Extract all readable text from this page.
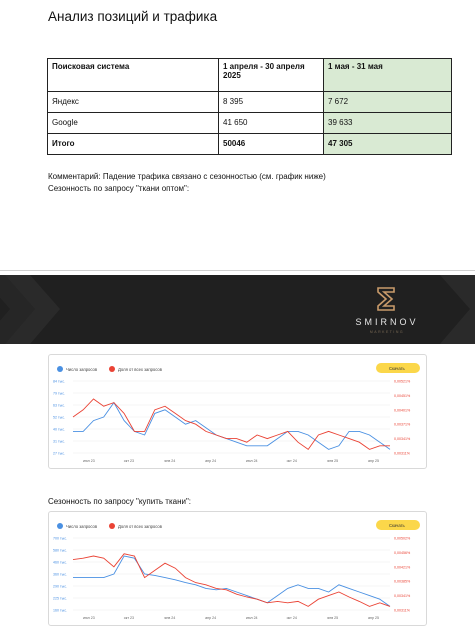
Анализ позиций и трафика
Поисковая система	1 апреля - 30 апреля 2025	1 мая - 31 мая
Яндекс	8 395	7 672
Google	41 650	39 633
Итого	50046	47 305
Комментарий: Падение трафика связано с сезонностью (см. график ниже)
Сезонность по запросу "ткани оптом":
SMIRNOV
MARKETING
Число запросов	Доля от всех запросов	Скачать
84 тыс.
79 тыс.
63 тыс.
52 тыс.
40 тыс.
31 тыс.
27 тыс.
0,00521%
0,00451%
0,00401%
0,00371%
0,00341%
0,00311%
июл 23	окт 23	янв 24	апр 24	июл 24	окт 24	янв 25	апр 25
Сезонность по запросу "купить ткани":
Число запросов	Доля от всех запросов	Скачать
700 тыс.
580 тыс.
460 тыс.
360 тыс.
290 тыс.
225 тыс.
160 тыс.
0,00502%
0,00456%
0,00421%
0,00385%
0,00341%
0,00311%
июл 23	окт 23	янв 24	апр 24	июл 24	окт 24	янв 25	апр 25
